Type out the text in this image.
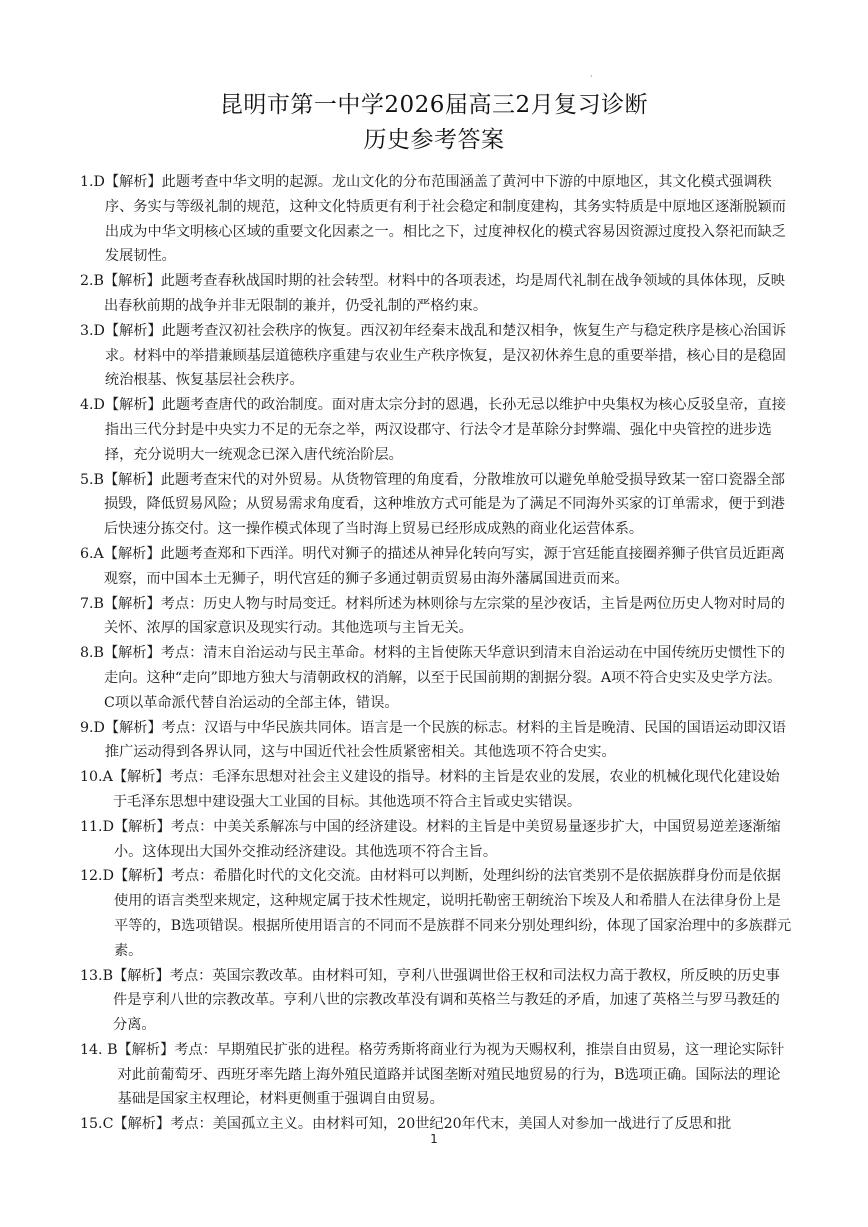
·
昆明市第一中学2026届高三2月复习诊断
历史参考答案
1.D 【解析】此题考查中华文明的起源。龙山文化的分布范围涵盖了黄河中下游的中原地区，其文化模式强调秩序、务实与等级礼制的规范，这种文化特质更有利于社会稳定和制度建构，其务实特质是中原地区逐渐脱颖而出成为中华文明核心区域的重要文化因素之一。相比之下，过度神权化的模式容易因资源过度投入祭祀而缺乏发展韧性。
2.B 【解析】此题考查春秋战国时期的社会转型。材料中的各项表述，均是周代礼制在战争领域的具体体现，反映出春秋前期的战争并非无限制的兼并，仍受礼制的严格约束。
3.D 【解析】此题考查汉初社会秩序的恢复。西汉初年经秦末战乱和楚汉相争，恢复生产与稳定秩序是核心治国诉求。材料中的举措兼顾基层道德秩序重建与农业生产秩序恢复，是汉初休养生息的重要举措，核心目的是稳固统治根基、恢复基层社会秩序。
4.D 【解析】此题考查唐代的政治制度。面对唐太宗分封的恩遇，长孙无忌以维护中央集权为核心反驳皇帝，直接指出三代分封是中央实力不足的无奈之举，两汉设郡守、行法令才是革除分封弊端、强化中央管控的进步选择，充分说明大一统观念已深入唐代统治阶层。
5.B 【解析】此题考查宋代的对外贸易。从货物管理的角度看，分散堆放可以避免单舱受损导致某一窑口瓷器全部损毁，降低贸易风险；从贸易需求角度看，这种堆放方式可能是为了满足不同海外买家的订单需求，便于到港后快速分拣交付。这一操作模式体现了当时海上贸易已经形成成熟的商业化运营体系。
6.A 【解析】此题考查郑和下西洋。明代对狮子的描述从神异化转向写实，源于宫廷能直接圈养狮子供官员近距离观察，而中国本土无狮子，明代宫廷的狮子多通过朝贡贸易由海外藩属国进贡而来。
7.B 【解析】考点：历史人物与时局变迁。材料所述为林则徐与左宗棠的星沙夜话，主旨是两位历史人物对时局的关怀、浓厚的国家意识及现实行动。其他选项与主旨无关。
8.B 【解析】考点：清末自治运动与民主革命。材料的主旨使陈天华意识到清末自治运动在中国传统历史惯性下的走向。这种“走向”即地方独大与清朝政权的消解，以至于民国前期的割据分裂。A项不符合史实及史学方法。C项以革命派代替自治运动的全部主体，错误。
9.D 【解析】考点：汉语与中华民族共同体。语言是一个民族的标志。材料的主旨是晚清、民国的国语运动即汉语推广运动得到各界认同，这与中国近代社会性质紧密相关。其他选项不符合史实。
10.A 【解析】考点：毛泽东思想对社会主义建设的指导。材料的主旨是农业的发展，农业的机械化现代化建设始于毛泽东思想中建设强大工业国的目标。其他选项不符合主旨或史实错误。
11.D 【解析】考点：中美关系解冻与中国的经济建设。材料的主旨是中美贸易量逐步扩大，中国贸易逆差逐渐缩小。这体现出大国外交推动经济建设。其他选项不符合主旨。
12.D 【解析】考点：希腊化时代的文化交流。由材料可以判断，处理纠纷的法官类别不是依据族群身份而是依据使用的语言类型来规定，这种规定属于技术性规定，说明托勒密王朝统治下埃及人和希腊人在法律身份上是平等的，B选项错误。根据所使用语言的不同而不是族群不同来分别处理纠纷，体现了国家治理中的多族群元素。
13.B 【解析】考点：英国宗教改革。由材料可知，亨利八世强调世俗王权和司法权力高于教权，所反映的历史事件是亨利八世的宗教改革。亨利八世的宗教改革没有调和英格兰与教廷的矛盾，加速了英格兰与罗马教廷的分离。
14. B 【解析】考点：早期殖民扩张的进程。格劳秀斯将商业行为视为天赐权利，推崇自由贸易，这一理论实际针对此前葡萄牙、西班牙率先踏上海外殖民道路并试图垄断对殖民地贸易的行为，B选项正确。国际法的理论基础是国家主权理论，材料更侧重于强调自由贸易。
15.C 【解析】考点：美国孤立主义。由材料可知，20世纪20年代末，美国人对参加一战进行了反思和批
1
